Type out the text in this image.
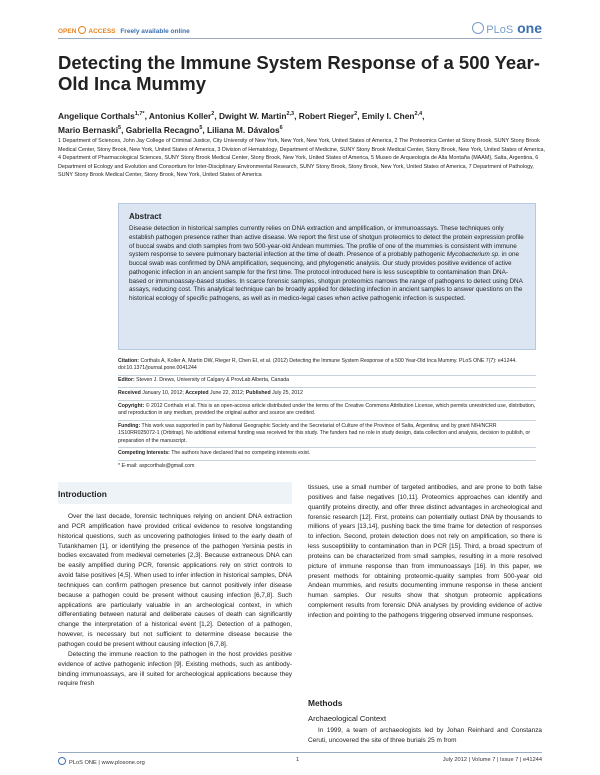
OPEN ACCESS Freely available online	PLoS one
Detecting the Immune System Response of a 500 Year-Old Inca Mummy
Angelique Corthals$^{1,7*}$, Antonius Koller$^2$, Dwight W. Martin$^{2,3}$, Robert Rieger$^2$, Emily I. Chen$^{2,4}$,
Mario Bernaski$^5$, Gabriella Recagno$^5$, Liliana M. Dávalos$^6$
1 Department of Sciences, John Jay College of Criminal Justice, City University of New York, New York, New York, United States of America, 2 The Proteomics Center at Stony Brook, SUNY Stony Brook Medical Center, Stony Brook, New York, United States of America, 3 Division of Hematology, Department of Medicine, SUNY Stony Brook Medical Center, Stony Brook, New York, United States of America, 4 Department of Pharmacological Sciences, SUNY Stony Brook Medical Center, Stony Brook, New York, United States of America, 5 Museo de Arqueología de Alta Montaña (MAAM), Salta, Argentina, 6 Department of Ecology and Evolution and Consortium for Inter-Disciplinary Environmental Research, SUNY Stony Brook, Stony Brook, New York, United States of America, 7 Department of Pathology, SUNY Stony Brook Medical Center, Stony Brook, New York, United States of America

Abstract

Disease detection in historical samples currently relies on DNA extraction and amplification, or immunoassays. These techniques only establish pathogen presence rather than active disease. We report the first use of shotgun proteomics to detect the protein expression profile of buccal swabs and cloth samples from two 500-year-old Andean mummies. The profile of one of the mummies is consistent with immune system response to severe pulmonary bacterial infection at the time of death. Presence of a probably pathogenic Mycobacterium sp. in one buccal swab was confirmed by DNA amplification, sequencing, and phylogenetic analysis. Our study provides positive evidence of active pathogenic infection in an ancient sample for the first time. The protocol introduced here is less susceptible to contamination than DNA-based or immunoassay-based studies. In scarce forensic samples, shotgun proteomics narrows the range of pathogens to detect using DNA assays, reducing cost. This analytical technique can be broadly applied for detecting infection in ancient samples to answer questions on the historical ecology of specific pathogens, as well as in medico-legal cases when active pathogenic infection is suspected.

Citation: Corthals A, Koller A, Martin DW, Rieger R, Chen EI, et al. (2012) Detecting the Immune System Response of a 500 Year-Old Inca Mummy. PLoS ONE 7(7): e41244. doi:10.1371/journal.pone.0041244
Editor: Steven J. Drews, University of Calgary & ProvLab Alberta, Canada
Received January 10, 2012; Accepted June 22, 2012; Published July 25, 2012
Copyright: © 2012 Corthals et al. This is an open-access article distributed under the terms of the Creative Commons Attribution License, which permits unrestricted use, distribution, and reproduction in any medium, provided the original author and source are credited.
Funding: This work was supported in part by National Geographic Society and the Secretariat of Culture of the Province of Salta, Argentina; and by grant NIH/NCRR 1S10RR025072-1 (Orbitrap). No additional external funding was received for this study. The funders had no role in study design, data collection and analysis, decision to publish, or preparation of the manuscript.
Competing Interests: The authors have declared that no competing interests exist.
* E-mail: aspcorthals@gmail.com
Introduction
Over the last decade, forensic techniques relying on ancient DNA extraction and PCR amplification have provided critical evidence to resolve longstanding historical questions, such as uncovering pathologies linked to the early death of Tutankhamen [1], or identifying the presence of the pathogen Yersinia pestis in bodies excavated from medieval cemeteries [2,3]. Because extraneous DNA can be easily amplified during PCR, forensic applications rely on strict controls to avoid false positives [4,5]. When used to infer infection in historical samples, DNA techniques can confirm pathogen presence but cannot positively infer disease because a pathogen could be present without causing infection [6,7,8]. Such applications are particularly valuable in an archeological context, in which differentiating between natural and deliberate causes of death can significantly change the interpretation of a historical event [1,2]. Detection of a pathogen, however, is necessary but not sufficient to determine disease because the pathogen could be present without causing infection [6,7,8].
Detecting the immune reaction to the pathogen in the host provides positive evidence of active pathogenic infection [9]. Existing methods, such as antibody-binding immunoassays, are ill suited for archeological applications because they require fresh
tissues, use a small number of targeted antibodies, and are prone to both false positives and false negatives [10,11]. Proteomics approaches can identify and quantify proteins directly, and offer three distinct advantages in archeological and forensic research [12]. First, proteins can potentially outlast DNA by thousands to millions of years [13,14], pushing back the time frame for detection of responses to infection. Second, protein detection does not rely on amplification, so there is less susceptibility to contamination than in PCR [15]. Third, a broad spectrum of proteins can be characterized from small samples, resulting in a more resolved picture of immune response than from immunoassays [16]. In this paper, we present methods for obtaining proteomic-quality samples from 500-year old Andean mummies, and results documenting immune response in these ancient human samples. Our results show that shotgun proteomic applications complement results from forensic DNA analyses by providing evidence of active infection and pointing to the pathogens triggering observed immune responses.
Methods
Archaeological Context
In 1999, a team of archaeologists led by Johan Reinhard and Constanza Ceruti, uncovered the site of three burials 25 m from
PLoS ONE | www.plosone.org	1	July 2012 | Volume 7 | Issue 7 | e41244
